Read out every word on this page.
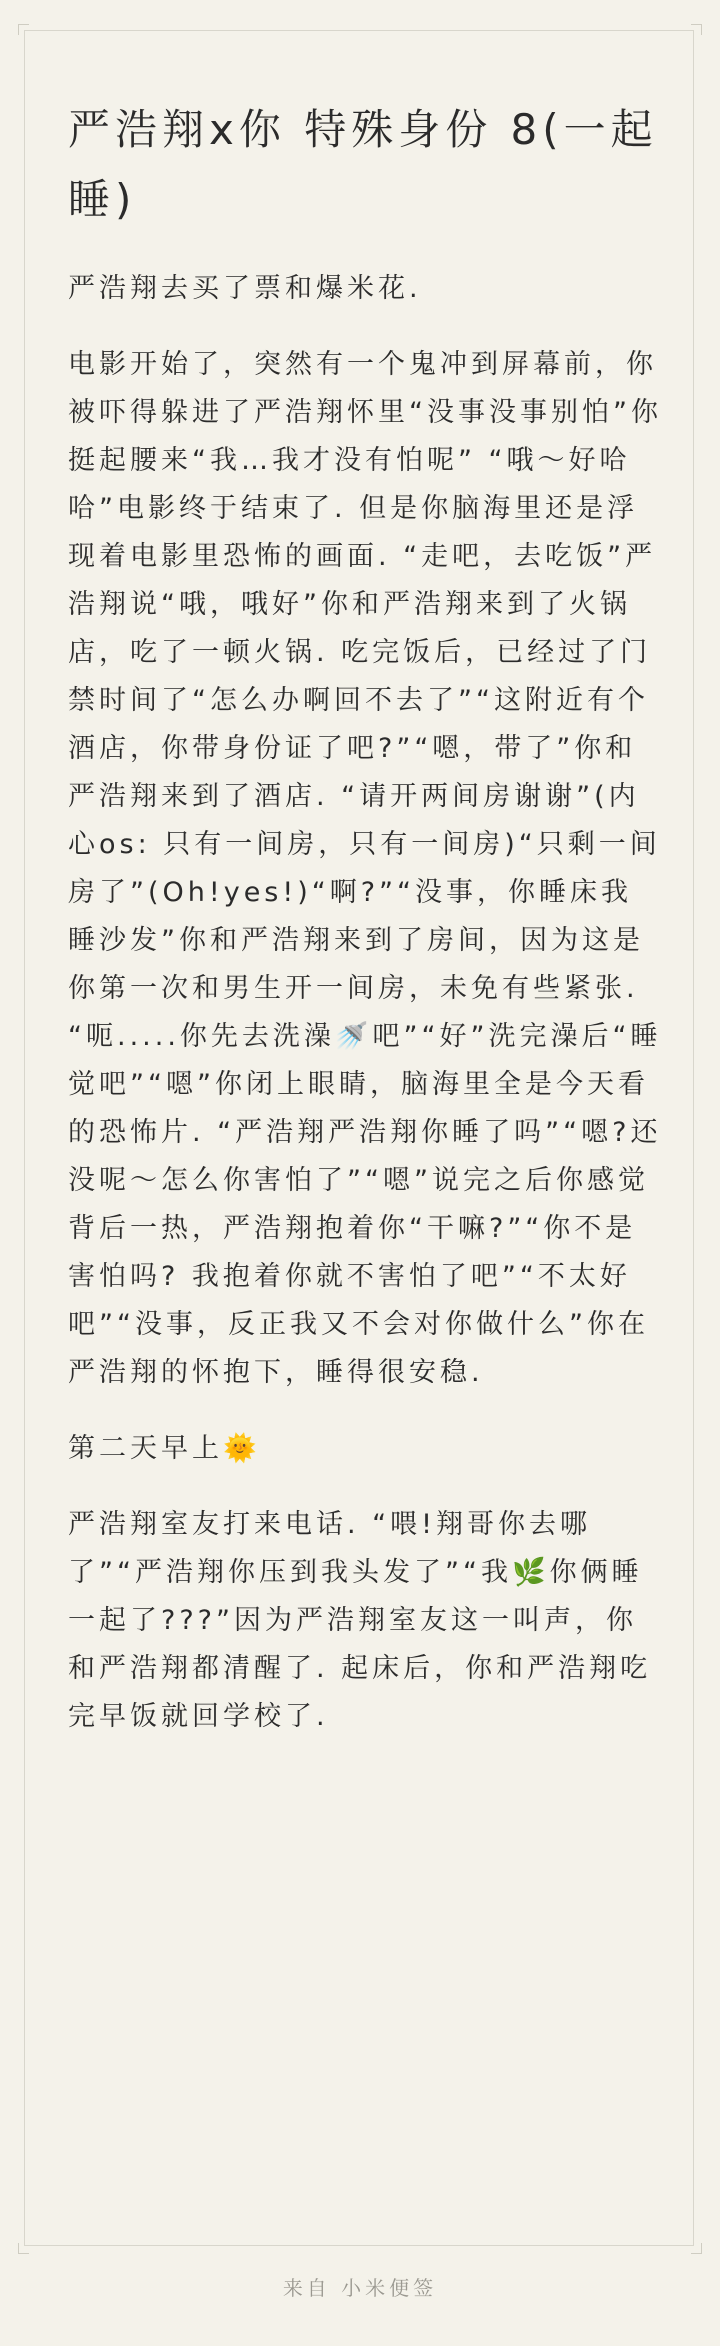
严浩翔x你 特殊身份 8(一起睡)

严浩翔去买了票和爆米花.

电影开始了，突然有一个鬼冲到屏幕前，你被吓得躲进了严浩翔怀里“没事没事别怕”你挺起腰来“我…我才没有怕呢” “哦～好哈哈”电影终于结束了. 但是你脑海里还是浮现着电影里恐怖的画面. “走吧，去吃饭”严浩翔说“哦，哦好”你和严浩翔来到了火锅店，吃了一顿火锅. 吃完饭后，已经过了门禁时间了“怎么办啊回不去了”“这附近有个酒店，你带身份证了吧?”“嗯，带了”你和严浩翔来到了酒店. “请开两间房谢谢”(内心os: 只有一间房，只有一间房)“只剩一间房了”(Oh!yes!)“啊?”“没事，你睡床我睡沙发”你和严浩翔来到了房间，因为这是你第一次和男生开一间房，未免有些紧张. “呃.....你先去洗澡🚿吧”“好”洗完澡后“睡觉吧”“嗯”你闭上眼睛，脑海里全是今天看的恐怖片. “严浩翔严浩翔你睡了吗”“嗯?还没呢～怎么你害怕了”“嗯”说完之后你感觉背后一热，严浩翔抱着你“干嘛?”“你不是害怕吗? 我抱着你就不害怕了吧”“不太好吧”“没事，反正我又不会对你做什么”你在严浩翔的怀抱下，睡得很安稳.

第二天早上🌞

严浩翔室友打来电话. “喂!翔哥你去哪了”“严浩翔你压到我头发了”“我🌿你俩睡一起了???”因为严浩翔室友这一叫声，你和严浩翔都清醒了. 起床后，你和严浩翔吃完早饭就回学校了.

来自 小米便签
